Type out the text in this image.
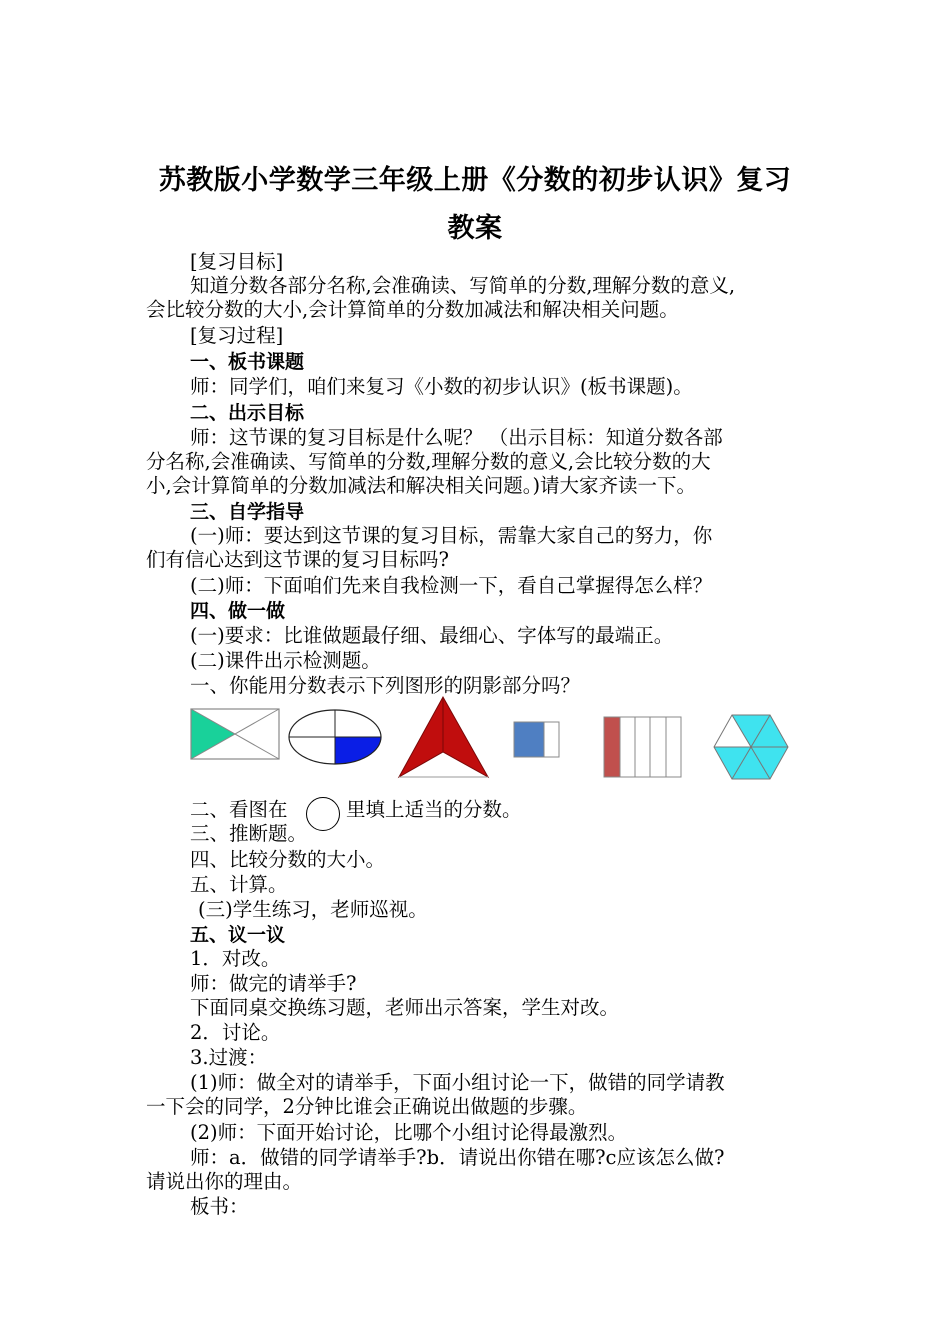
苏教版小学数学三年级上册《分数的初步认识》复习
教案
[复习目标]
知道分数各部分名称,会准确读、写简单的分数,理解分数的意义,
会比较分数的大小,会计算简单的分数加减法和解决相关问题。
[复习过程]
一、板书课题
师：同学们，咱们来复习《小数的初步认识》(板书课题)。
二、出示目标
师：这节课的复习目标是什么呢？ （出示目标：知道分数各部
分名称,会准确读、写简单的分数,理解分数的意义,会比较分数的大
小,会计算简单的分数加减法和解决相关问题。)请大家齐读一下。
三、自学指导
(一)师：要达到这节课的复习目标，需靠大家自己的努力，你
们有信心达到这节课的复习目标吗?
(二)师：下面咱们先来自我检测一下，看自己掌握得怎么样？
四、做一做
(一)要求：比谁做题最仔细、最细心、字体写的最端正。
(二)课件出示检测题。
一、你能用分数表示下列图形的阴影部分吗？
二、看图在	里填上适当的分数。
三、推断题。
四、比较分数的大小。
五、计算。
(三)学生练习，老师巡视。
五、议一议
1．对改。
师：做完的请举手?
下面同桌交换练习题，老师出示答案，学生对改。
2．讨论。
3.过渡：
(1)师：做全对的请举手，下面小组讨论一下，做错的同学请教
一下会的同学，2分钟比谁会正确说出做题的步骤。
(2)师：下面开始讨论，比哪个小组讨论得最激烈。
师：a．做错的同学请举手?b．请说出你错在哪?c应该怎么做?
请说出你的理由。
板书：
